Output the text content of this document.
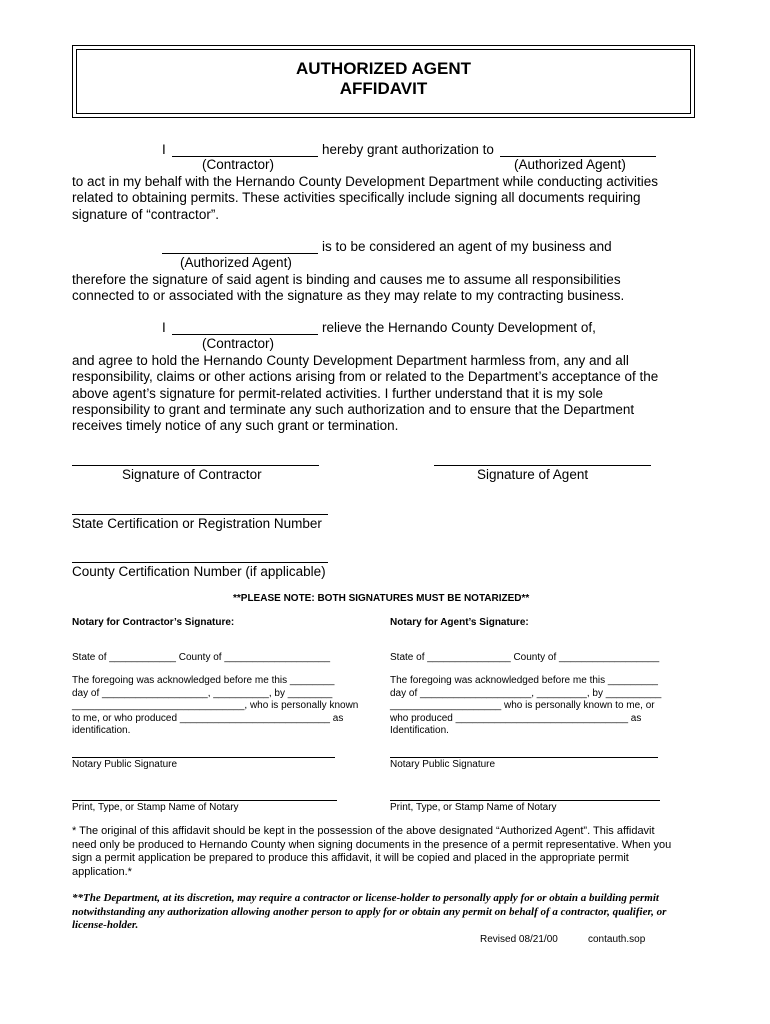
AUTHORIZED AGENT
AFFIDAVIT
I	hereby grant authorization to
(Contractor)	(Authorized Agent)
to act in my behalf with the Hernando County Development Department while conducting activities
related to obtaining permits. These activities specifically include signing all documents requiring
signature of “contractor”.
is to be considered an agent of my business and
(Authorized Agent)
therefore the signature of said agent is binding and causes me to assume all responsibilities
connected to or associated with the signature as they may relate to my contracting business.
I	relieve the Hernando County Development of,
(Contractor)
and agree to hold the Hernando County Development Department harmless from, any and all
responsibility, claims or other actions arising from or related to the Department’s acceptance of the
above agent’s signature for permit-related activities. I further understand that it is my sole
responsibility to grant and terminate any such authorization and to ensure that the Department
receives timely notice of any such grant or termination.
Signature of Contractor	Signature of Agent
State Certification or Registration Number
County Certification Number (if applicable)
**PLEASE NOTE: BOTH SIGNATURES MUST BE NOTARIZED**
Notary for Contractor’s Signature:
State of ____________ County of ___________________
The foregoing was acknowledged before me this ________
day of ___________________, __________, by ________
_______________________________, who is personally known
to me, or who produced ___________________________ as
identification.
Notary Public Signature
Print, Type, or Stamp Name of Notary
Notary for Agent’s Signature:
State of _______________ County of __________________
The foregoing was acknowledged before me this _________
day of ____________________, _________, by __________
____________________ who is personally known to me, or
who produced _______________________________ as
Identification.
Notary Public Signature
Print, Type, or Stamp Name of Notary
* The original of this affidavit should be kept in the possession of the above designated “Authorized Agent”. This affidavit
need only be produced to Hernando County when signing documents in the presence of a permit representative. When you
sign a permit application be prepared to produce this affidavit, it will be copied and placed in the appropriate permit
application.*
**The Department, at its discretion, may require a contractor or license-holder to personally apply for or obtain a building permit
notwithstanding any authorization allowing another person to apply for or obtain any permit on behalf of a contractor, qualifier, or
license-holder.
Revised 08/21/00	contauth.sop
